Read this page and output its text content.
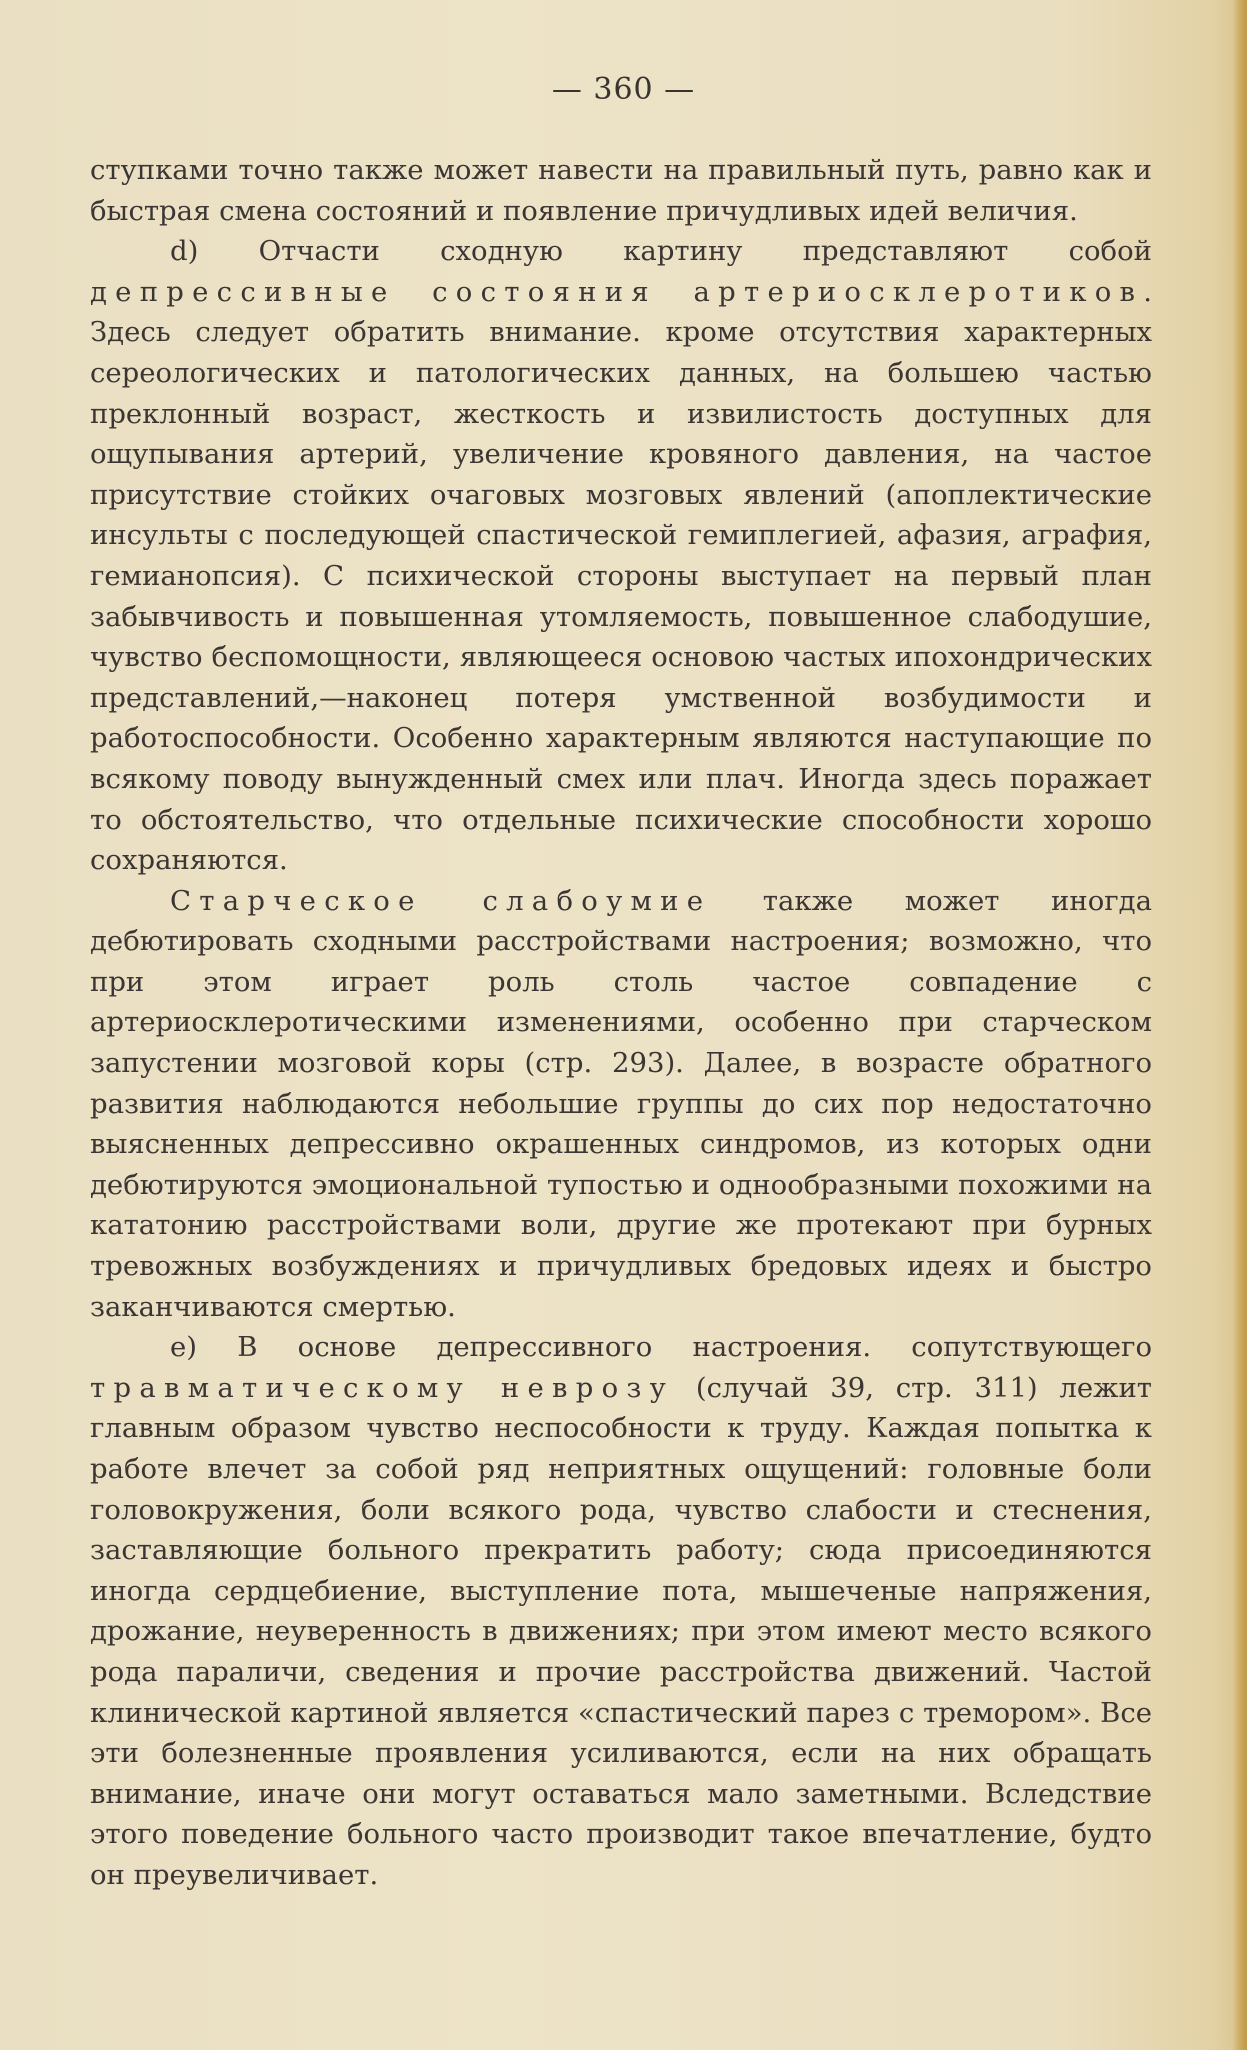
— 360 —

ступками точно также может навести на правильный путь, равно как и быстрая смена состояний и появление причудливых идей величия.

d) Отчасти сходную картину представляют собой депрессивные состояния артериосклеротиков. Здесь следует обратить внимание. кроме отсутствия характерных сереологических и патологических данных, на большею частью преклонный возраст, жесткость и извилистость доступных для ощупывания артерий, увеличение кровяного давления, на частое присутствие стойких очаговых мозговых явлений (апоплектические инсульты с последующей спастической гемиплегией, афазия, аграфия, гемианопсия). С психической стороны выступает на первый план забывчивость и повышенная утомляемость, повышенное слабодушие, чувство беспомощности, являющееся основою частых ипохондрических представлений,—наконец потеря умственной возбудимости и работоспособности. Особенно характерным являются наступающие по всякому поводу вынужденный смех или плач. Иногда здесь поражает то обстоятельство, что отдельные психические способности хорошо сохраняются.

Старческое слабоумие также может иногда дебютировать сходными расстройствами настроения; возможно, что при этом играет роль столь частое совпадение с артериосклеротическими изменениями, особенно при старческом запустении мозговой коры (стр. 293). Далее, в возрасте обратного развития наблюдаются небольшие группы до сих пор недостаточно выясненных депрессивно окрашенных синдромов, из которых одни дебютируются эмоциональной тупостью и однообразными похожими на кататонию расстройствами воли, другие же протекают при бурных тревожных возбуждениях и причудливых бредовых идеях и быстро заканчиваются смертью.

e) В основе депрессивного настроения. сопутствующего травматическому неврозу (случай 39, стр. 311) лежит главным образом чувство неспособности к труду. Каждая попытка к работе влечет за собой ряд неприятных ощущений: головные боли головокружения, боли всякого рода, чувство слабости и стеснения, заставляющие больного прекратить работу; сюда присоединяются иногда сердцебиение, выступление пота, мышеченые напряжения, дрожание, неуверенность в движениях; при этом имеют место всякого рода параличи, сведения и прочие расстройства движений. Частой клинической картиной является «спастический парез с тремором». Все эти болезненные проявления усиливаются, если на них обращать внимание, иначе они могут оставаться мало заметными. Вследствие этого поведение больного часто производит такое впечатление, будто он преувеличивает.
